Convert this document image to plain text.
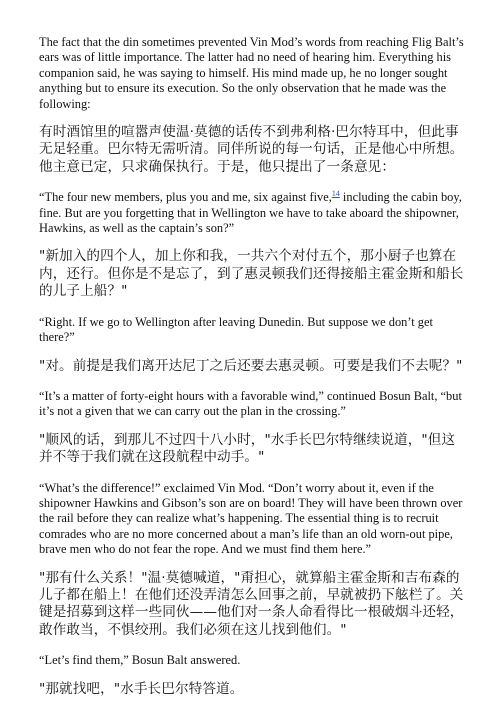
The fact that the din sometimes prevented Vin Mod’s words from reaching Flig Balt’s ears was of little importance. The latter had no need of hearing him. Everything his companion said, he was saying to himself. His mind made up, he no longer sought anything but to ensure its execution. So the only observation that he made was the following:

有时酒馆里的喧嚣声使温·莫德的话传不到弗利格·巴尔特耳中，但此事无足轻重。巴尔特无需听清。同伴所说的每一句话，正是他心中所想。他主意已定，只求确保执行。于是，他只提出了一条意见：

“The four new members, plus you and me, six against five,$^{14}$ including the cabin boy, fine. But are you forgetting that in Wellington we have to take aboard the shipowner, Hawkins, as well as the captain’s son?”

"新加入的四个人，加上你和我，一共六个对付五个，那小厨子也算在内，还行。但你是不是忘了，到了惠灵顿我们还得接船主霍金斯和船长的儿子上船？"

“Right. If we go to Wellington after leaving Dunedin. But suppose we don’t get there?”

"对。前提是我们离开达尼丁之后还要去惠灵顿。可要是我们不去呢？"

“It’s a matter of forty-eight hours with a favorable wind,” continued Bosun Balt, “but it’s not a given that we can carry out the plan in the crossing.”

"顺风的话，到那儿不过四十八小时，"水手长巴尔特继续说道，"但这并不等于我们就在这段航程中动手。"

“What’s the difference!” exclaimed Vin Mod. “Don’t worry about it, even if the shipowner Hawkins and Gibson’s son are on board! They will have been thrown over the rail before they can realize what’s happening. The essential thing is to recruit comrades who are no more concerned about a man’s life than an old worn-out pipe, brave men who do not fear the rope. And we must find them here.”

"那有什么关系！"温·莫德喊道，"甭担心，就算船主霍金斯和吉布森的儿子都在船上！在他们还没弄清怎么回事之前，早就被扔下舷栏了。关键是招募到这样一些同伙——他们对一条人命看得比一根破烟斗还轻，敢作敢当，不惧绞刑。我们必须在这儿找到他们。"

“Let’s find them,” Bosun Balt answered.

"那就找吧，"水手长巴尔特答道。
